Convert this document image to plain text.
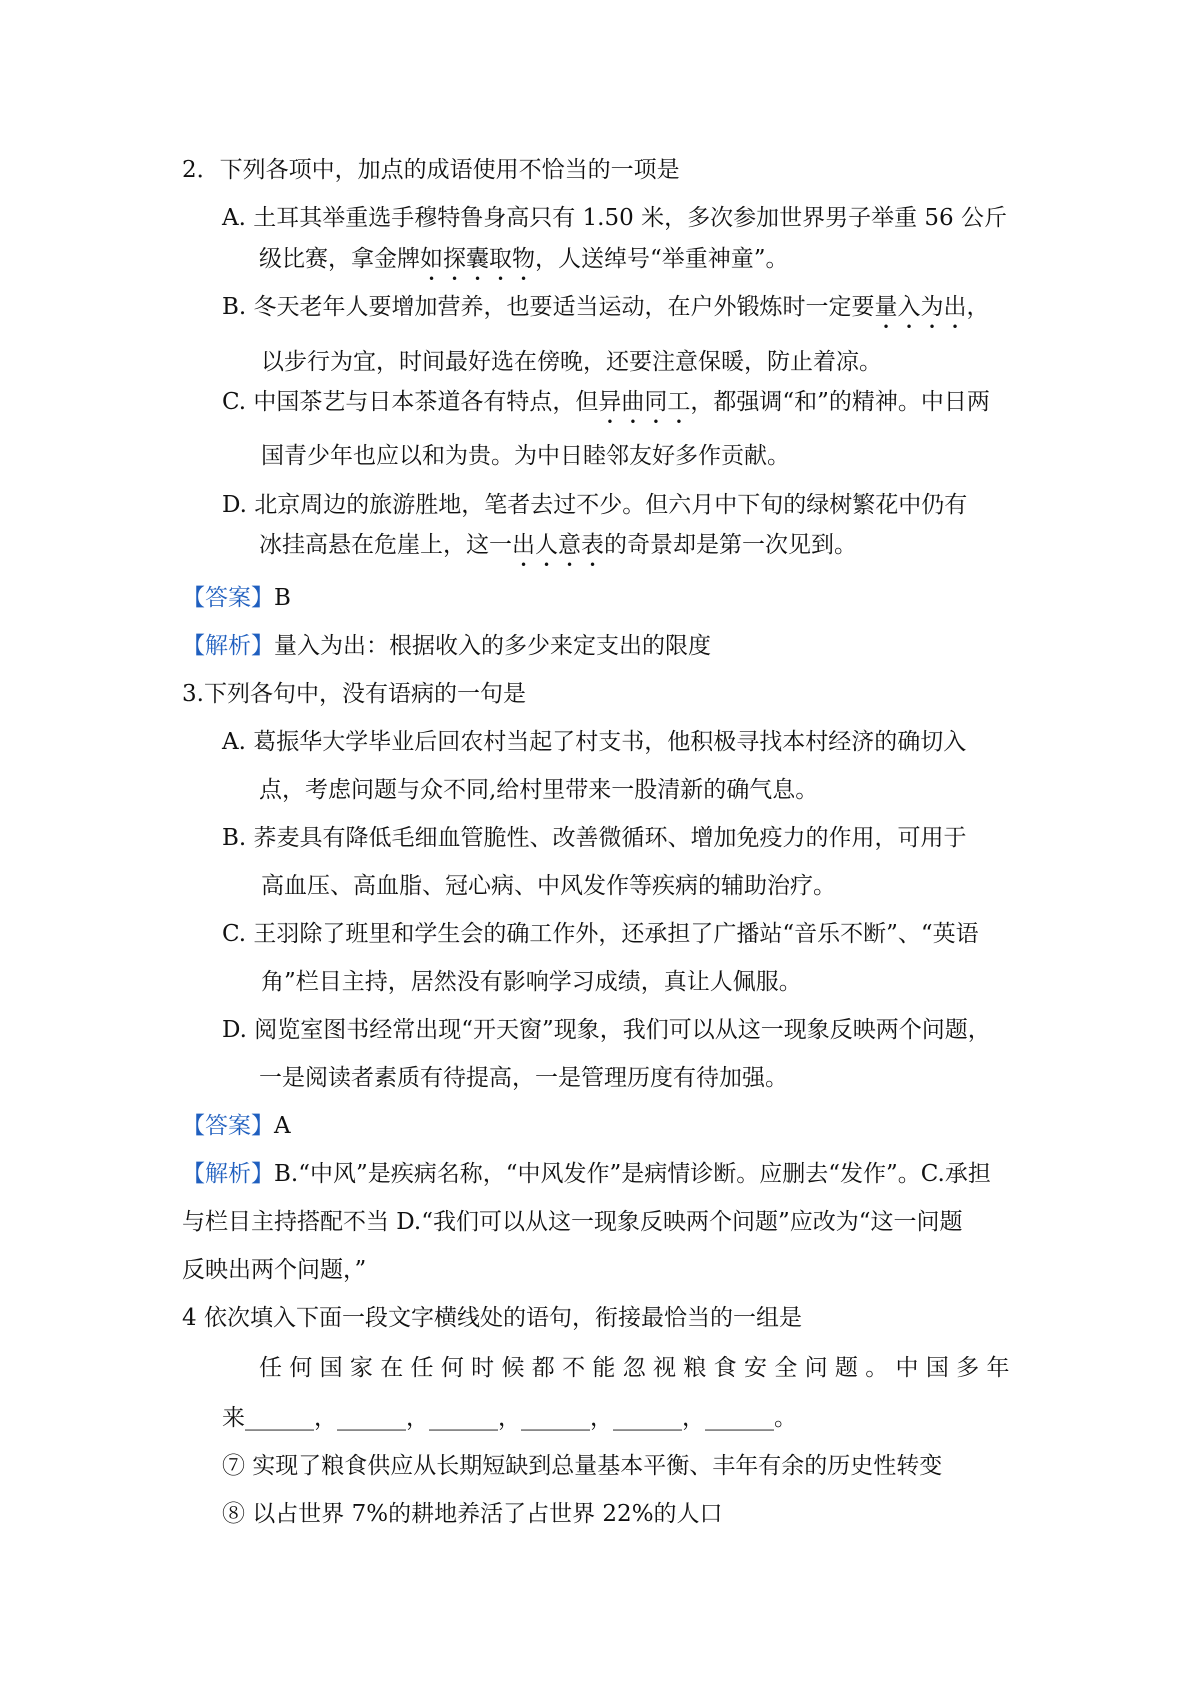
2．下列各项中，加点的成语使用不恰当的一项是
A. 土耳其举重选手穆特鲁身高只有 1.50 米，多次参加世界男子举重 56 公斤
级比赛，拿金牌如探囊取物，人送绰号“举重神童”。
B. 冬天老年人要增加营养，也要适当运动，在户外锻炼时一定要量入为出，
以步行为宜，时间最好选在傍晚，还要注意保暖，防止着凉。
C. 中国茶艺与日本茶道各有特点，但异曲同工，都强调“和”的精神。中日两
国青少年也应以和为贵。为中日睦邻友好多作贡献。
D. 北京周边的旅游胜地，笔者去过不少。但六月中下旬的绿树繁花中仍有
冰挂高悬在危崖上，这一出人意表的奇景却是第一次见到。
【答案】B
【解析】量入为出：根据收入的多少来定支出的限度
3.下列各句中，没有语病的一句是
A. 葛振华大学毕业后回农村当起了村支书，他积极寻找本村经济的确切入
点，考虑问题与众不同,给村里带来一股清新的确气息。
B. 荞麦具有降低毛细血管脆性、改善微循环、增加免疫力的作用，可用于
高血压、高血脂、冠心病、中风发作等疾病的辅助治疗。
C. 王羽除了班里和学生会的确工作外，还承担了广播站“音乐不断”、“英语
角”栏目主持，居然没有影响学习成绩，真让人佩服。
D. 阅览室图书经常出现“开天窗”现象，我们可以从这一现象反映两个问题，
一是阅读者素质有待提高，一是管理历度有待加强。
【答案】A
【解析】B.“中风”是疾病名称，“中风发作”是病情诊断。应删去“发作”。C.承担
与栏目主持搭配不当 D.“我们可以从这一现象反映两个问题”应改为“这一问题
反映出两个问题，”
4 依次填入下面一段文字横线处的语句，衔接最恰当的一组是
任 何 国 家 在 任 何 时 候 都 不 能 忽 视 粮 食 安 全 问 题 。 中 国 多 年
来______，______，______，______，______，______。
⑦ 实现了粮食供应从长期短缺到总量基本平衡、丰年有余的历史性转变
⑧ 以占世界 7%的耕地养活了占世界 22%的人口
